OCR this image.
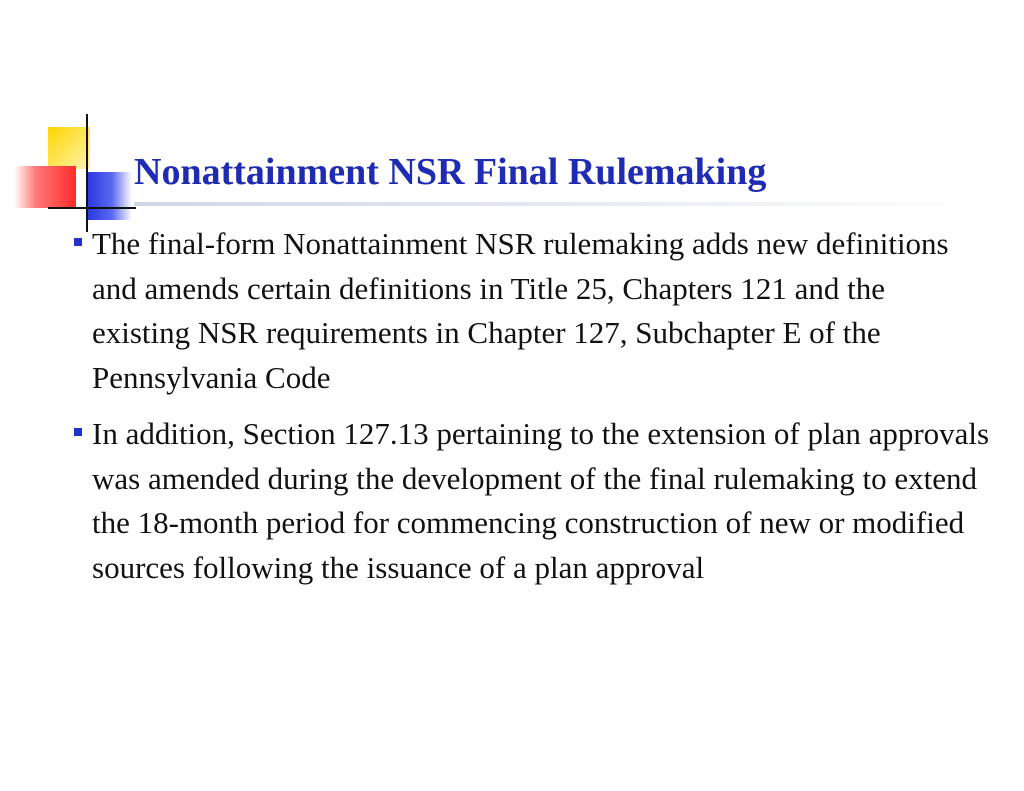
Nonattainment NSR Final Rulemaking
The final-form Nonattainment NSR rulemaking adds new definitions and amends certain definitions in Title 25, Chapters 121 and the existing NSR requirements in Chapter 127, Subchapter E of the Pennsylvania Code
In addition, Section 127.13 pertaining to the extension of plan approvals was amended during the development of the final rulemaking to extend the 18-month period for commencing construction of new or modified sources following the issuance of a plan approval
